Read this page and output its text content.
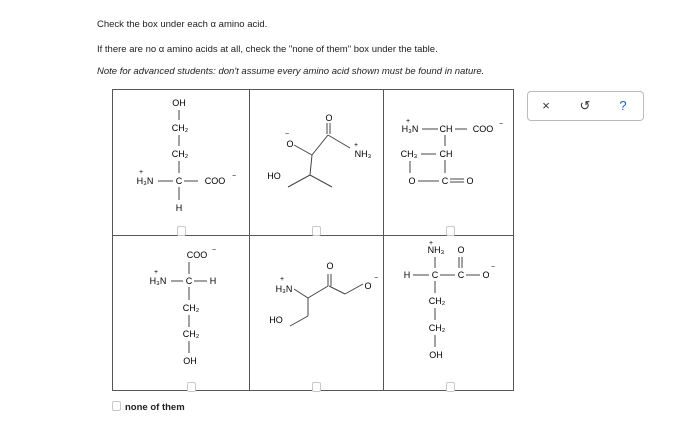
Check the box under each α amino acid.
If there are no α amino acids at all, check the "none of them" box under the table.
Note for advanced students: don't assume every amino acid shown must be found in nature.
OH
CH₂
CH₂
H₃N
+
C COO −
H
O
−
O
NH₃
+
HO
H₃N
+
CH COO −
CH₃ CH
O	C O
COO −
H₃N
+
C H
CH₂
CH₂
OH
H₃N
+
O
O
−
HO
NH₃
+
O
H C C O
−
CH₂
CH₂
OH
none of them
×	↺	?
